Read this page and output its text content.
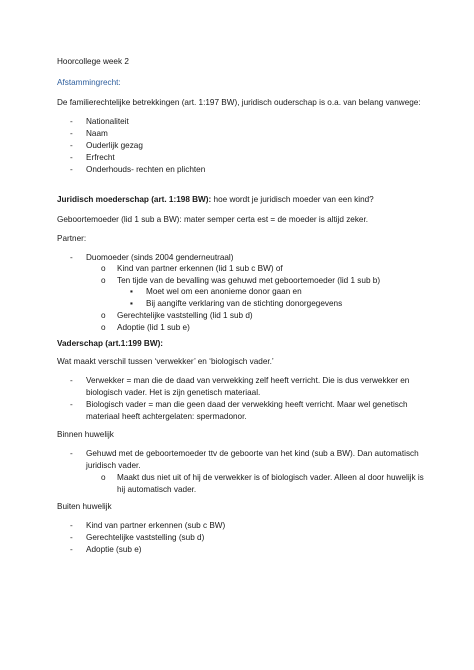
Hoorcollege week 2
Afstammingrecht:
De familierechtelijke betrekkingen (art. 1:197 BW), juridisch ouderschap is o.a. van belang vanwege:
- Nationaliteit
- Naam
- Ouderlijk gezag
- Erfrecht
- Onderhouds- rechten en plichten
Juridisch moederschap (art. 1:198 BW): hoe wordt je juridisch moeder van een kind?
Geboortemoeder (lid 1 sub a BW): mater semper certa est = de moeder is altijd zeker.
Partner:
- Duomoeder (sinds 2004 genderneutraal)
o Kind van partner erkennen (lid 1 sub c BW) of
o Ten tijde van de bevalling was gehuwd met geboortemoeder (lid 1 sub b)
▪ Moet wel om een anonieme donor gaan en
▪ Bij aangifte verklaring van de stichting donorgegevens
o Gerechtelijke vaststelling (lid 1 sub d)
o Adoptie (lid 1 sub e)
Vaderschap (art.1:199 BW):
Wat maakt verschil tussen ‘verwekker’ en ‘biologisch vader.’
- Verwekker = man die de daad van verwekking zelf heeft verricht. Die is dus verwekker en
biologisch vader. Het is zijn genetisch materiaal.
- Biologisch vader = man die geen daad der verwekking heeft verricht. Maar wel genetisch
materiaal heeft achtergelaten: spermadonor.
Binnen huwelijk
- Gehuwd met de geboortemoeder ttv de geboorte van het kind (sub a BW). Dan automatisch
juridisch vader.
o Maakt dus niet uit of hij de verwekker is of biologisch vader. Alleen al door huwelijk is
hij automatisch vader.
Buiten huwelijk
- Kind van partner erkennen (sub c BW)
- Gerechtelijke vaststelling (sub d)
- Adoptie (sub e)
